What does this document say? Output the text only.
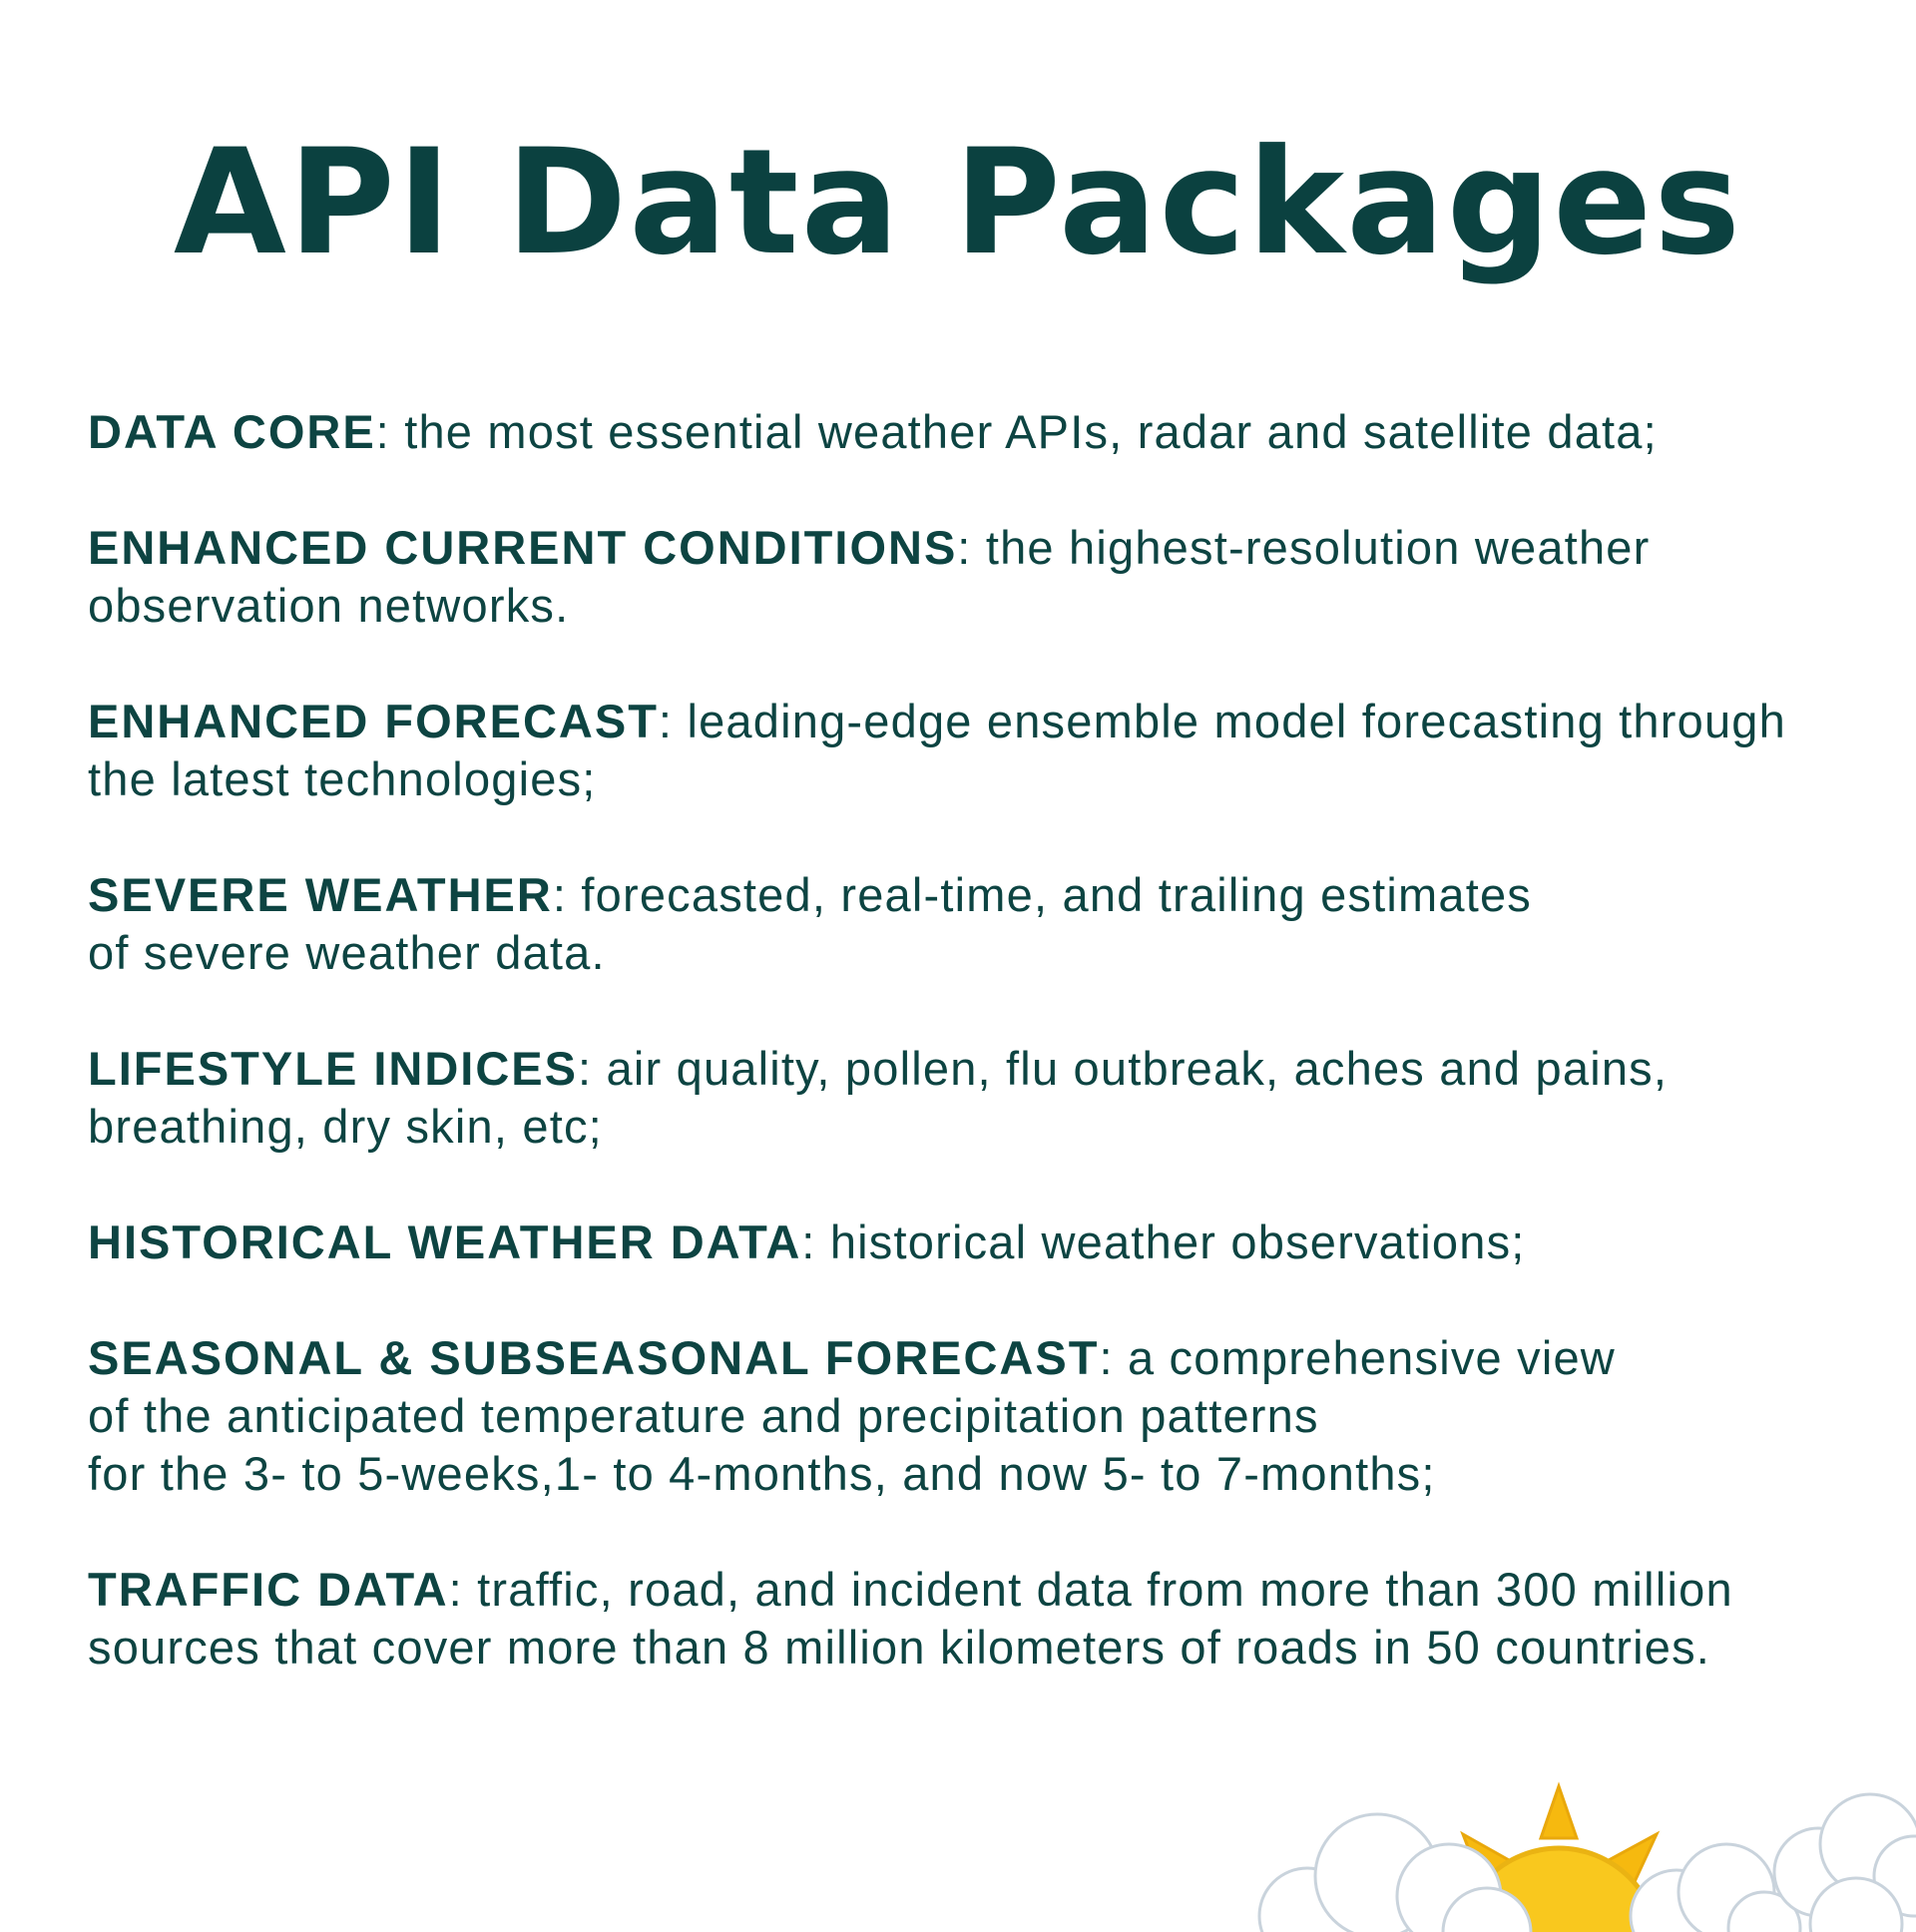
API Data Packages
DATA CORE: the most essential weather APIs, radar and satellite data;
ENHANCED CURRENT CONDITIONS: the highest-resolution weather
observation networks.
ENHANCED FORECAST: leading-edge ensemble model forecasting through
the latest technologies;
SEVERE WEATHER: forecasted, real-time, and trailing estimates
of severe weather data.
LIFESTYLE INDICES: air quality, pollen, flu outbreak, aches and pains,
breathing, dry skin, etc;
HISTORICAL WEATHER DATA: historical weather observations;
SEASONAL & SUBSEASONAL FORECAST: a comprehensive view
of the anticipated temperature and precipitation patterns
for the 3- to 5-weeks,1- to 4-months, and now 5- to 7-months;
TRAFFIC DATA: traffic, road, and incident data from more than 300 million
sources that cover more than 8 million kilometers of roads in 50 countries.
